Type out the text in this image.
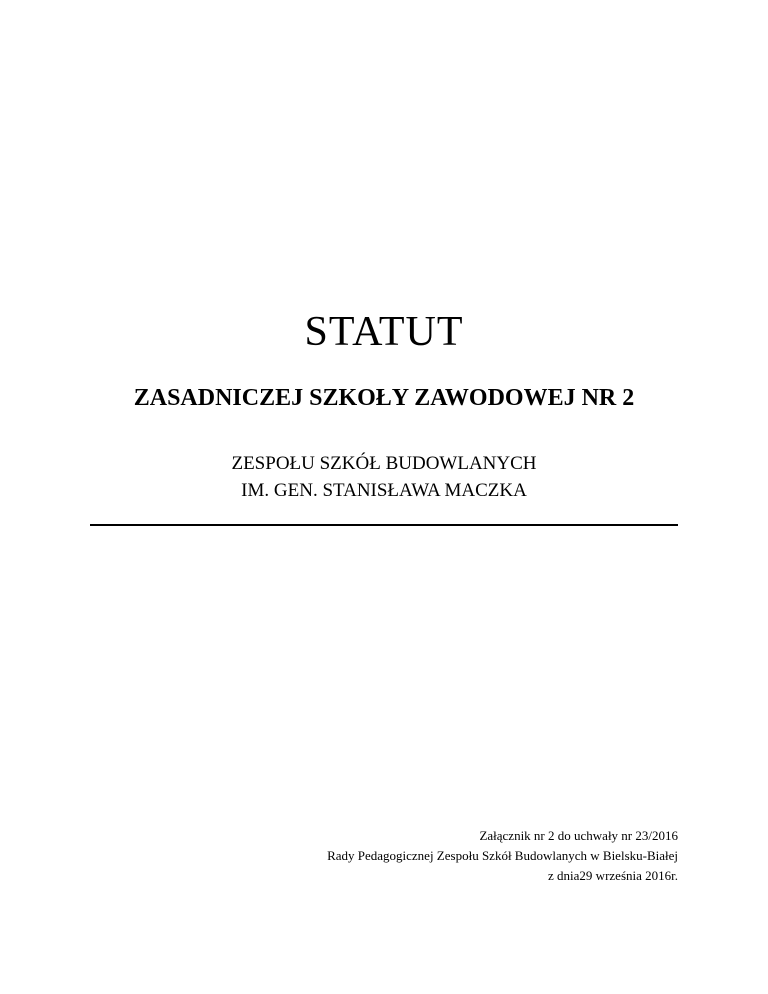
STATUT
ZASADNICZEJ SZKOŁY ZAWODOWEJ NR 2
ZESPOŁU SZKÓŁ BUDOWLANYCH
IM. GEN. STANISŁAWA MACZKA
Załącznik nr 2 do uchwały nr 23/2016
Rady Pedagogicznej Zespołu Szkół Budowlanych w Bielsku-Białej
z dnia29 września 2016r.
